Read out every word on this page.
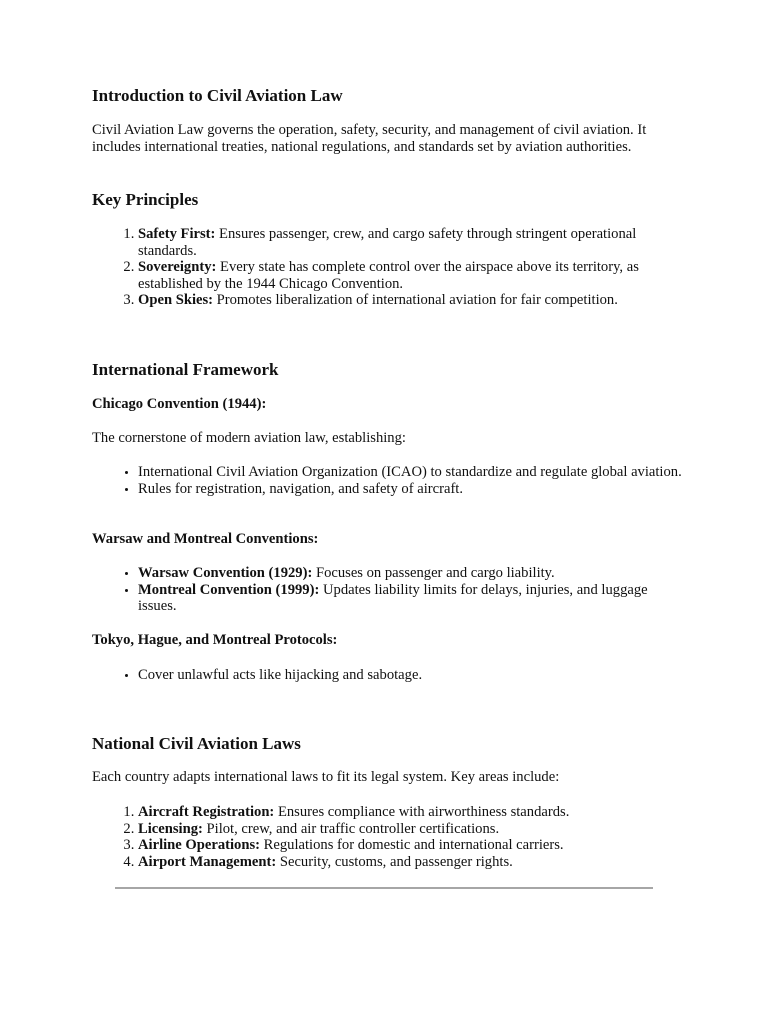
Introduction to Civil Aviation Law

Civil Aviation Law governs the operation, safety, security, and management of civil aviation. It includes international treaties, national regulations, and standards set by aviation authorities.

Key Principles
1. Safety First: Ensures passenger, crew, and cargo safety through stringent operational standards.
2. Sovereignty: Every state has complete control over the airspace above its territory, as established by the 1944 Chicago Convention.
3. Open Skies: Promotes liberalization of international aviation for fair competition.
International Framework
Chicago Convention (1944):

The cornerstone of modern aviation law, establishing:

• International Civil Aviation Organization (ICAO) to standardize and regulate global aviation.
• Rules for registration, navigation, and safety of aircraft.
Warsaw and Montreal Conventions:
• Warsaw Convention (1929): Focuses on passenger and cargo liability.
• Montreal Convention (1999): Updates liability limits for delays, injuries, and luggage issues.
Tokyo, Hague, and Montreal Protocols:
• Cover unlawful acts like hijacking and sabotage.
National Civil Aviation Laws

Each country adapts international laws to fit its legal system. Key areas include:

1. Aircraft Registration: Ensures compliance with airworthiness standards.
2. Licensing: Pilot, crew, and air traffic controller certifications.
3. Airline Operations: Regulations for domestic and international carriers.
4. Airport Management: Security, customs, and passenger rights.
